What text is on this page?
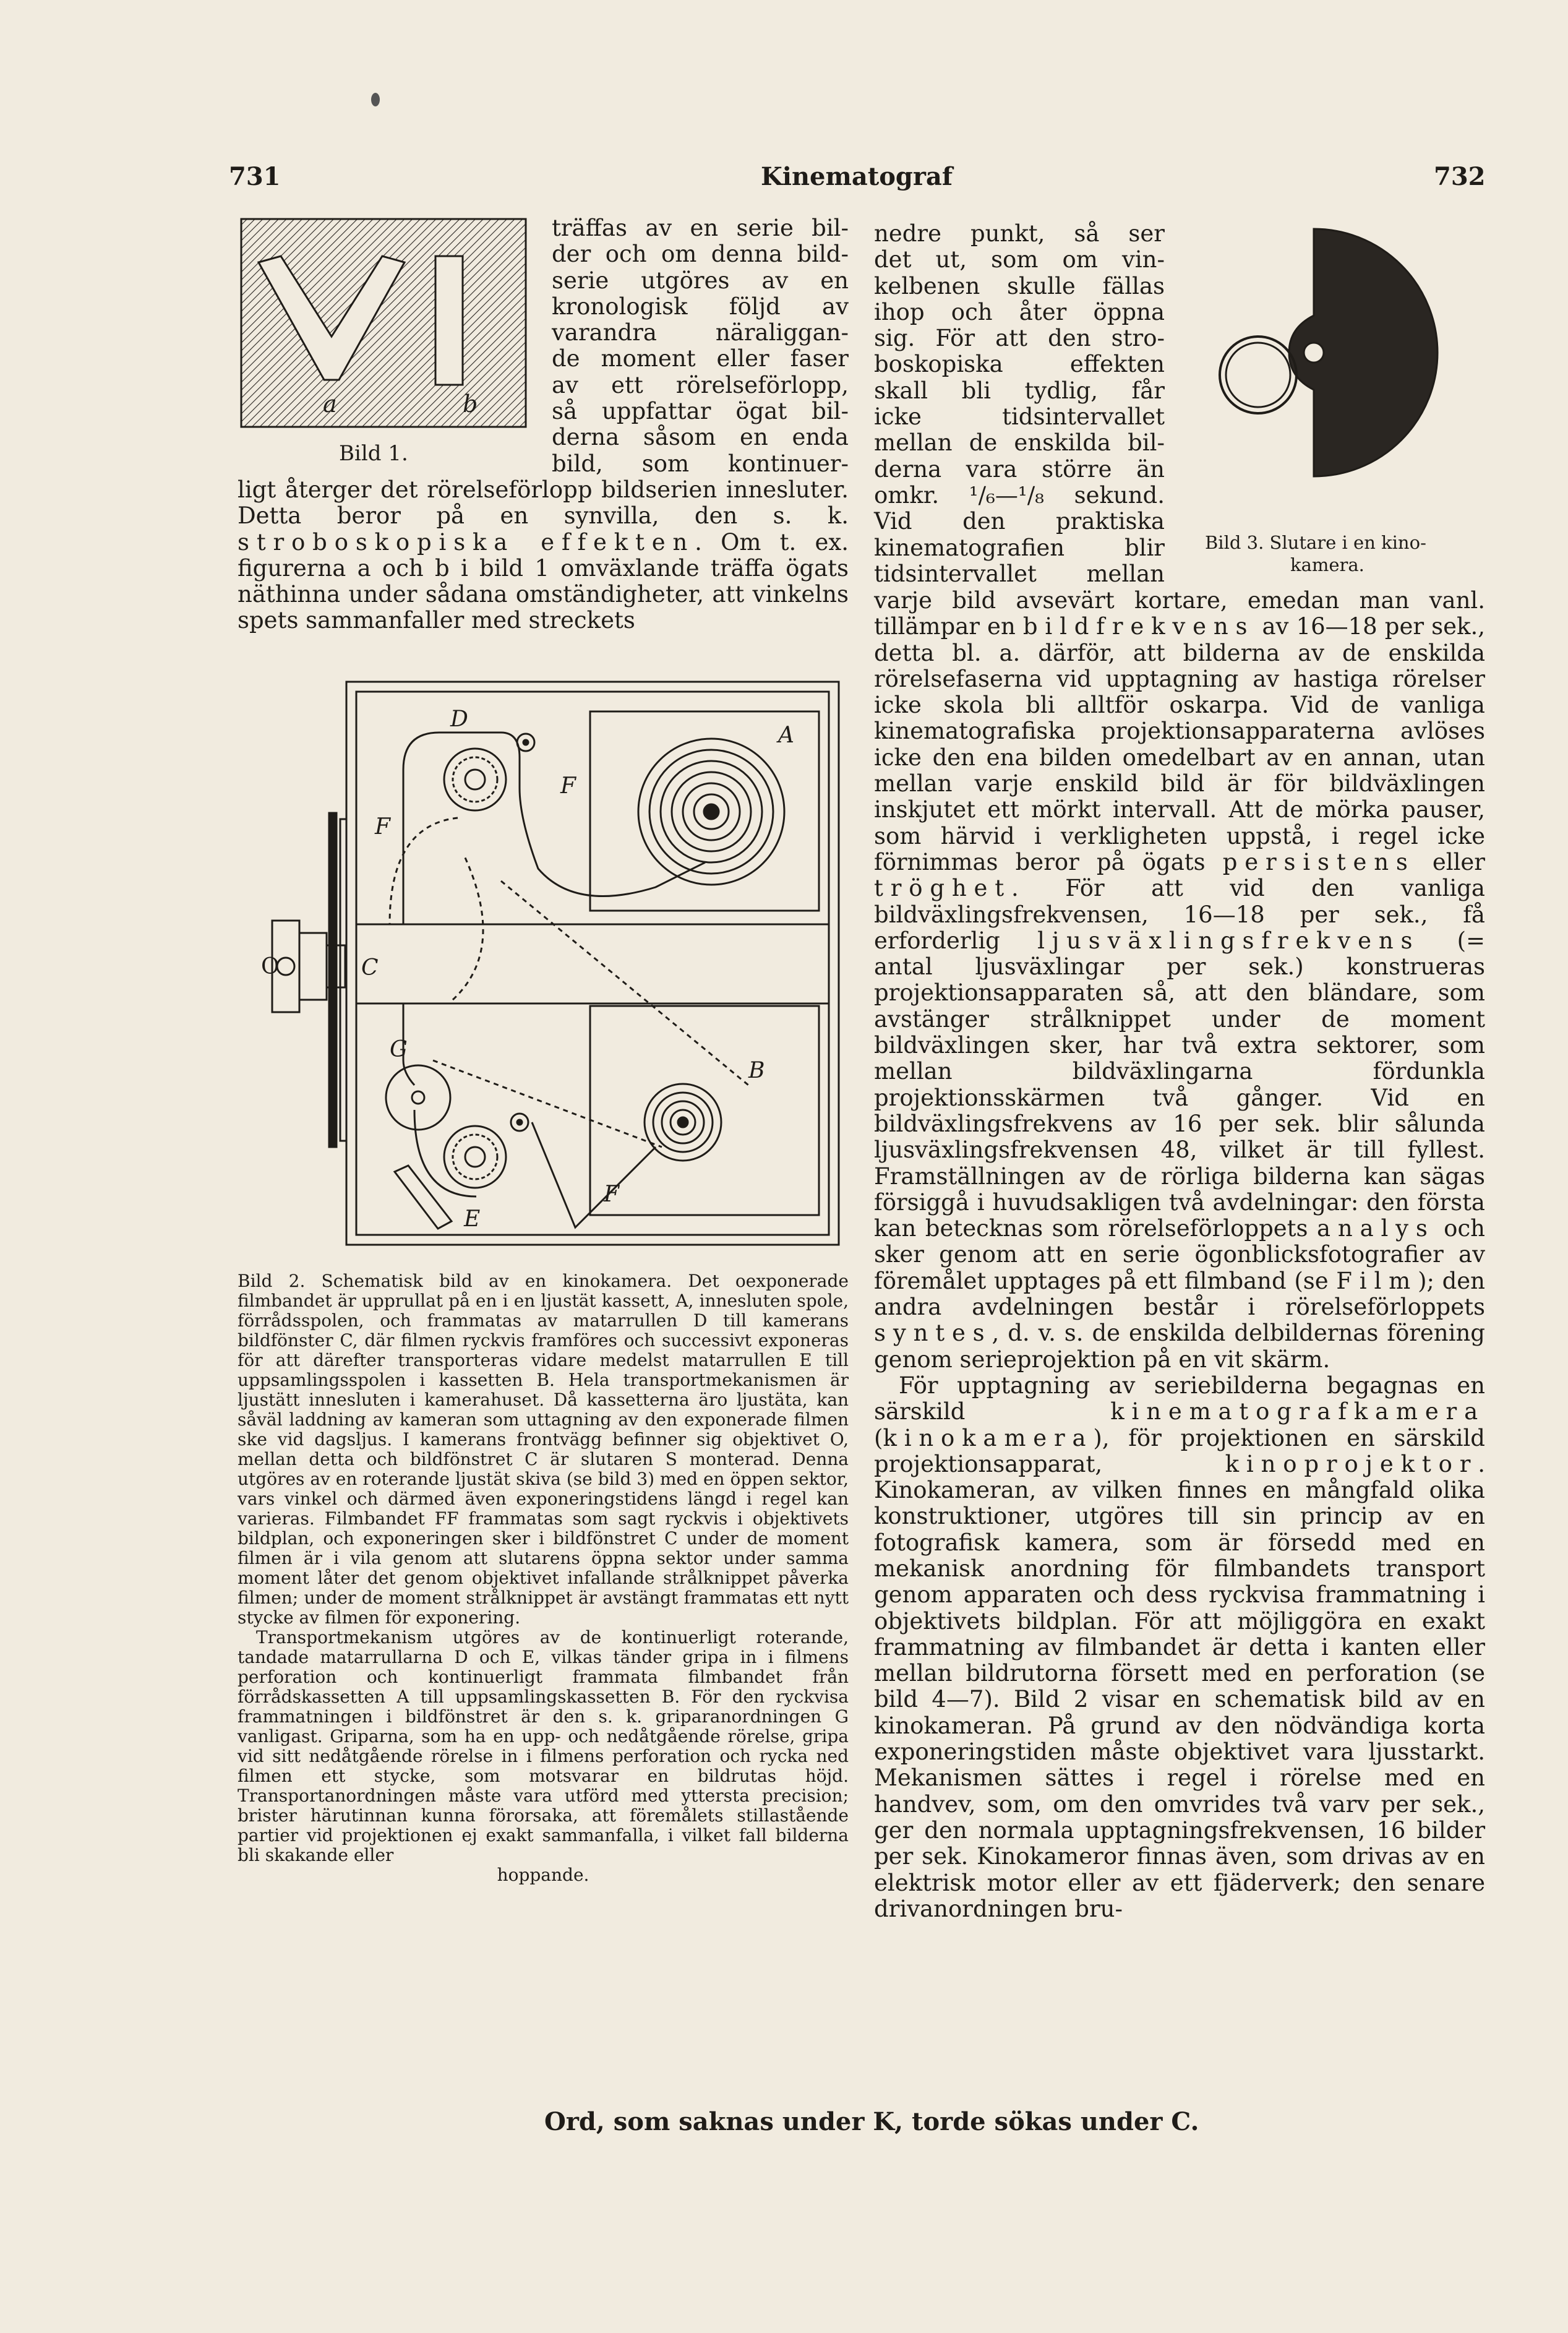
731	Kinematograf	732
a	b
Bild 1.
träffas av en serie bil-
der och om denna bild-
serie utgöres av en
kronologisk följd av
varandra näraliggan-
de moment eller faser
av ett rörelseförlopp,
så uppfattar ögat bil-
derna såsom en enda
bild, som kontinuer-

ligt återger det rörelseförlopp bildserien innesluter. Detta beror på en synvilla, den s. k. stroboskopiska effekten. Om t. ex. figurerna a och b i bild 1 omväxlande träffa ögats näthinna under sådana omständigheter, att vinkelns spets sammanfaller med streckets

D
A
F
F
C
G
B
F
E
O

Bild 2. Schematisk bild av en kinokamera. Det oexponerade filmbandet är upprullat på en i en ljustät kassett, A, innesluten spole, förrådsspolen, och frammatas av matarrullen D till kamerans bildfönster C, där filmen ryckvis framföres och successivt exponeras för att därefter transporteras vidare medelst matarrullen E till uppsamlingsspolen i kassetten B. Hela transportmekanismen är ljustätt innesluten i kamerahuset. Då kassetterna äro ljustäta, kan såväl laddning av kameran som uttagning av den exponerade filmen ske vid dagsljus. I kamerans frontvägg befinner sig objektivet O, mellan detta och bildfönstret C är slutaren S monterad. Denna utgöres av en roterande ljustät skiva (se bild 3) med en öppen sektor, vars vinkel och därmed även exponeringstidens längd i regel kan varieras. Filmbandet FF frammatas som sagt ryckvis i objektivets bildplan, och exponeringen sker i bildfönstret C under de moment filmen är i vila genom att slutarens öppna sektor under samma moment låter det genom objektivet infallande strålknippet påverka filmen; under de moment strålknippet är avstängt frammatas ett nytt stycke av filmen för exponering.

Transportmekanism utgöres av de kontinuerligt roterande, tandade matarrullarna D och E, vilkas tänder gripa in i filmens perforation och kontinuerligt frammata filmbandet från förrådskassetten A till uppsamlingskassetten B. För den ryckvisa frammatningen i bildfönstret är den s. k. griparanordningen G vanligast. Griparna, som ha en upp- och nedåtgående rörelse, gripa vid sitt nedåtgående rörelse in i filmens perforation och rycka ned filmen ett stycke, som motsvarar en bildrutas höjd. Transportanordningen måste vara utförd med yttersta precision; brister härutinnan kunna förorsaka, att föremålets stillastående partier vid projektionen ej exakt sammanfalla, i vilket fall bilderna bli skakande eller

hoppande.

Bild 3. Slutare i en kino-
kamera.
nedre punkt, så ser
det ut, som om vin-
kelbenen skulle fällas
ihop och åter öppna
sig. För att den stro-
boskopiska effekten
skall bli tydlig, får
icke tidsintervallet
mellan de enskilda bil-
derna vara större än
omkr. ¹/₆—¹/₈ sekund.
Vid den praktiska
kinematografien blir
tidsintervallet mellan

varje bild avsevärt kortare, emedan man vanl. tillämpar en bildfrekvens av 16—18 per sek., detta bl. a. därför, att bilderna av de enskilda rörelsefaserna vid upptagning av hastiga rörelser icke skola bli alltför oskarpa. Vid de vanliga kinematografiska projektionsapparaterna avlöses icke den ena bilden omedelbart av en annan, utan mellan varje enskild bild är för bildväxlingen inskjutet ett mörkt intervall. Att de mörka pauser, som härvid i verkligheten uppstå, i regel icke förnimmas beror på ögats persistens eller tröghet. För att vid den vanliga bildväxlingsfrekvensen, 16—18 per sek., få erforderlig ljusväxlingsfrekvens (= antal ljusväxlingar per sek.) konstrueras projektionsapparaten så, att den bländare, som avstänger strålknippet under de moment bildväxlingen sker, har två extra sektorer, som mellan bildväxlingarna fördunkla projektionsskärmen två gånger. Vid en bildväxlingsfrekvens av 16 per sek. blir sålunda ljusväxlingsfrekvensen 48, vilket är till fyllest. Framställningen av de rörliga bilderna kan sägas försiggå i huvudsakligen två avdelningar: den första kan betecknas som rörelseförloppets analys och sker genom att en serie ögonblicksfotografier av föremålet upptages på ett filmband (se Film); den andra avdelningen består i rörelseförloppets syntes, d. v. s. de enskilda delbildernas förening genom serieprojektion på en vit skärm.

För upptagning av seriebilderna begagnas en särskild kinematografkamera (kinokamera), för projektionen en särskild projektionsapparat, kinoprojektor. Kinokameran, av vilken finnes en mångfald olika konstruktioner, utgöres till sin princip av en fotografisk kamera, som är försedd med en mekanisk anordning för filmbandets transport genom apparaten och dess ryckvisa frammatning i objektivets bildplan. För att möjliggöra en exakt frammatning av filmbandet är detta i kanten eller mellan bildrutorna försett med en perforation (se bild 4—7). Bild 2 visar en schematisk bild av en kinokameran. På grund av den nödvändiga korta exponeringstiden måste objektivet vara ljusstarkt. Mekanismen sättes i regel i rörelse med en handvev, som, om den omvrides två varv per sek., ger den normala upptagningsfrekvensen, 16 bilder per sek. Kinokameror finnas även, som drivas av en elektrisk motor eller av ett fjäderverk; den senare drivanordningen bru-

Ord, som saknas under K, torde sökas under C.
